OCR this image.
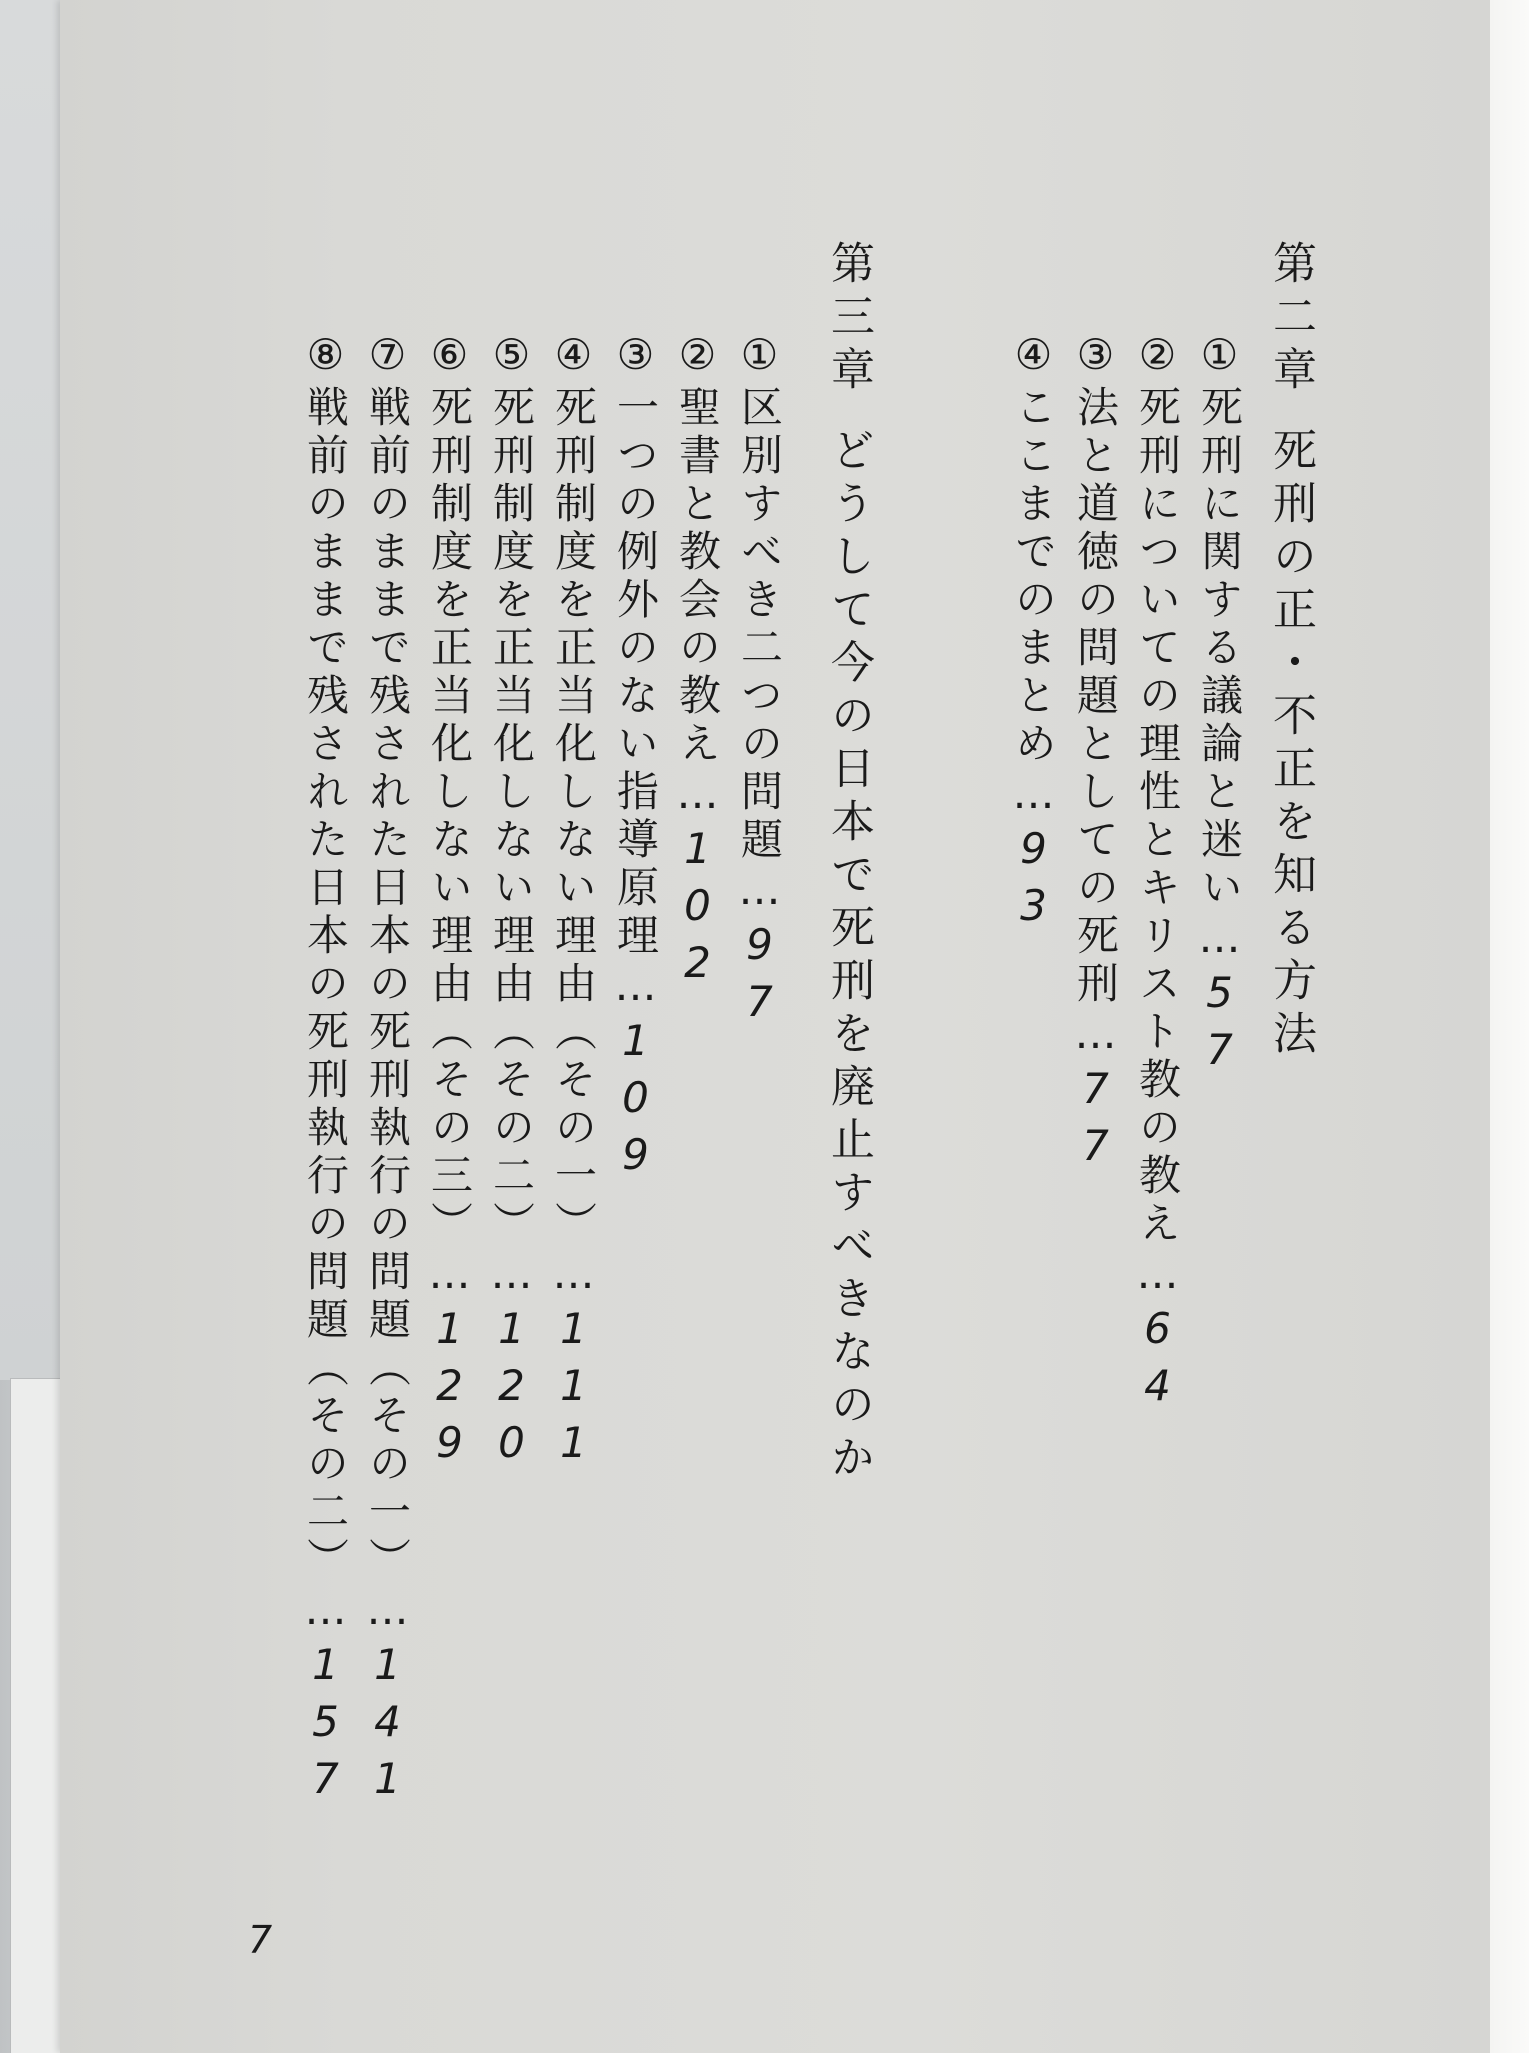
第二章死刑の正・不正を知る方法
①死刑に関する議論と迷い…57
②死刑についての理性とキリスト教の教え…64
③法と道徳の問題としての死刑…77
④ここまでのまとめ…93
第三章どうして今の日本で死刑を廃止すべきなのか
①区別すべき二つの問題…97
②聖書と教会の教え…102
③一つの例外のない指導原理…109
④死刑制度を正当化しない理由（その一）…111
⑤死刑制度を正当化しない理由（その二）…120
⑥死刑制度を正当化しない理由（その三）…129
⑦戦前のままで残された日本の死刑執行の問題（その一）…141
⑧戦前のままで残された日本の死刑執行の問題（その二）…157
7
